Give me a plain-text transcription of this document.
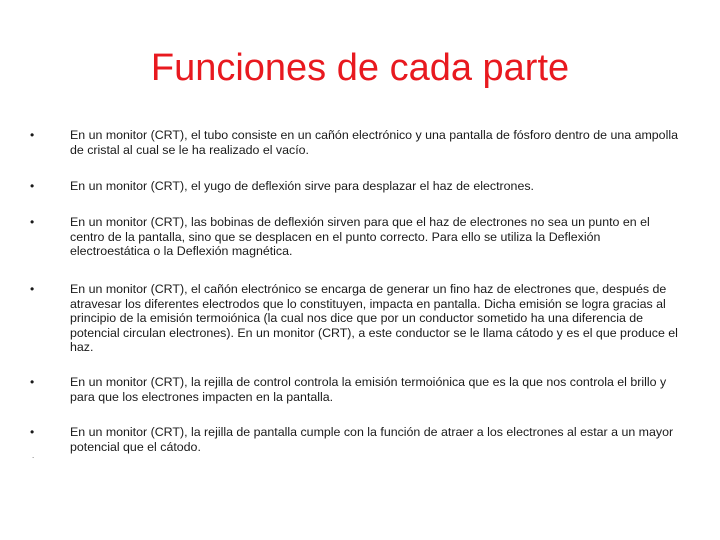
Funciones de cada parte
•	En un monitor (CRT), el tubo consiste en un cañón electrónico y una pantalla de fósforo dentro de una ampolla de cristal al cual se le ha realizado el vacío.
•	En un monitor (CRT), el yugo de deflexión sirve para desplazar el haz de electrones.
•	En un monitor (CRT), las bobinas de deflexión sirven para que el haz de electrones no sea un punto en el centro de la pantalla, sino que se desplacen en el punto correcto. Para ello se utiliza la Deflexión electroestática o la Deflexión magnética.
•	En un monitor (CRT), el cañón electrónico se encarga de generar un fino haz de electrones que, después de atravesar los diferentes electrodos que lo constituyen, impacta en pantalla. Dicha emisión se logra gracias al principio de la emisión termoiónica (la cual nos dice que por un conductor sometido ha una diferencia de potencial circulan electrones). En un monitor (CRT), a este conductor se le llama cátodo y es el que produce el haz.
•	En un monitor (CRT), la rejilla de control controla la emisión termoiónica que es la que nos controla el brillo y para que los electrones impacten en la pantalla.
•	En un monitor (CRT), la rejilla de pantalla cumple con la función de atraer a los electrones al estar a un mayor potencial que el cátodo.
.
